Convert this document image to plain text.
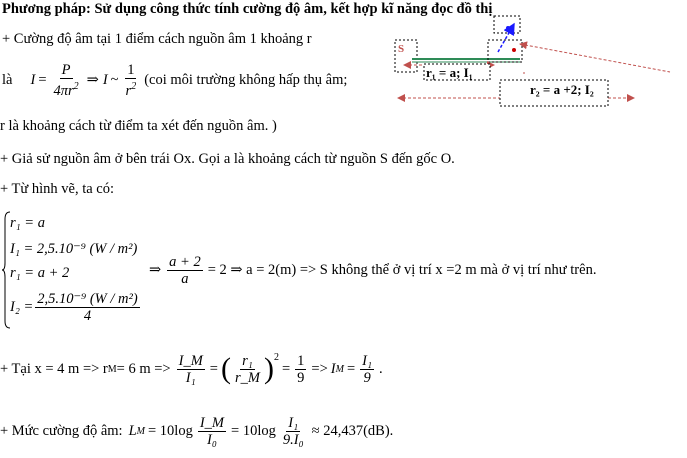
Phương pháp: Sử dụng công thức tính cường độ âm, kết hợp kĩ năng đọc đồ thị
+ Cường độ âm tại 1 điểm cách nguồn âm 1 khoảng r
là $I = \frac{P}{4\pi r^2}$ ⇒ I ~ $\frac{1}{r^2} (coi$ môi trường không hấp thụ âm;
r là khoảng cách từ điểm ta xét đến nguồn âm. )
+ Giả sử nguồn âm ở bên trái Ox. Gọi a là khoảng cách từ nguồn S đến gốc O.
+ Từ hình vẽ, ta có:
r₁ = a
I₁ = 2,5.10⁻⁹ (W / m²)
r₁ = a + 2
$I_2 = \frac{\text{2,5.10⁻⁹ (W / m²)}}{4}$
⇒ $\frac{a + 2}{a} = 2$ ⇒ a = 2(m) => S không thể ở vị trí x =2 m mà ở vị trí như trên.
+ Tại x = 4 m => r M = 6 $m => \frac{I\_M}{\text{I₁}}$ = ( $\frac{\text{r₁}}{r\_M} )^2$
= $\frac{1}{9} => I$ $M = \frac{\text{I₁}}{9}$ .
+ Mức cường độ âm: L $M = 10\log \frac{I\_M}{\text{I₀}} = 10\log \frac{\text{I₁}}{\text{9.I₀}} \approx 24,437(dB)$.
S
r₁ = a; I₁
r₂ = a +2; I₂
